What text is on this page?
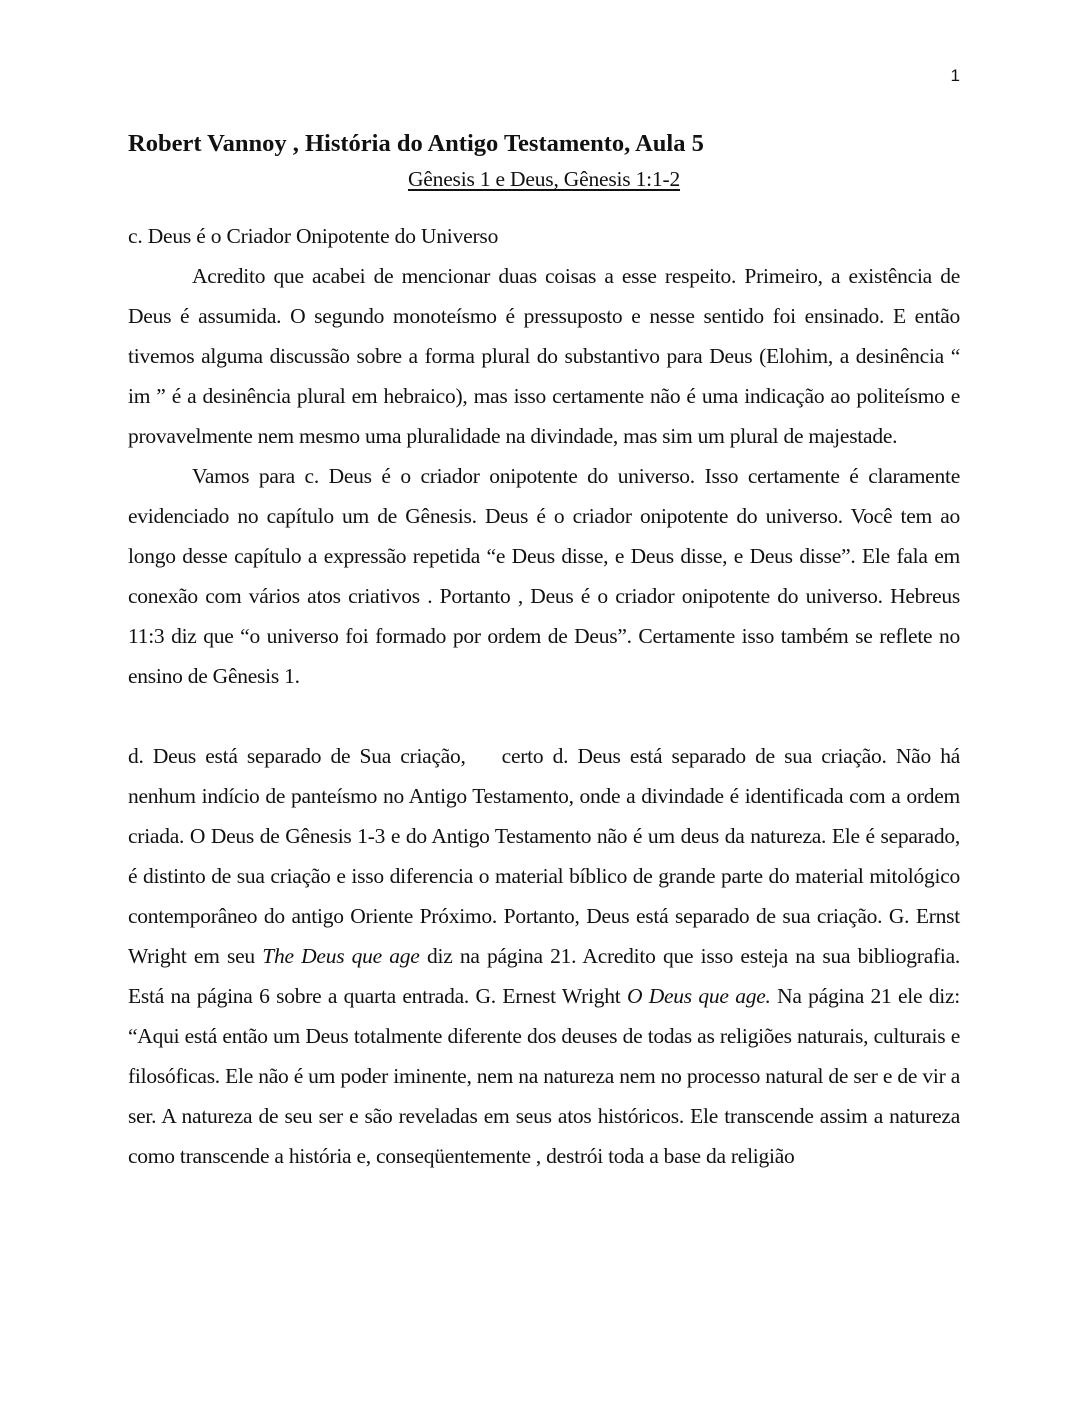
1
Robert Vannoy , História do Antigo Testamento, Aula 5

Gênesis 1 e Deus, Gênesis 1:1-2

c. Deus é o Criador Onipotente do Universo

Acredito que acabei de mencionar duas coisas a esse respeito. Primeiro, a existência de Deus é assumida. O segundo monoteísmo é pressuposto e nesse sentido foi ensinado. E então tivemos alguma discussão sobre a forma plural do substantivo para Deus (Elohim, a desinência “ im ” é a desinência plural em hebraico), mas isso certamente não é uma indicação ao politeísmo e provavelmente nem mesmo uma pluralidade na divindade, mas sim um plural de majestade.

Vamos para c. Deus é o criador onipotente do universo. Isso certamente é claramente evidenciado no capítulo um de Gênesis. Deus é o criador onipotente do universo. Você tem ao longo desse capítulo a expressão repetida “e Deus disse, e Deus disse, e Deus disse”. Ele fala em conexão com vários atos criativos . Portanto , Deus é o criador onipotente do universo. Hebreus 11:3 diz que “o universo foi formado por ordem de Deus”. Certamente isso também se reflete no ensino de Gênesis 1.

d. Deus está separado de Sua criação, certo d. Deus está separado de sua criação. Não há nenhum indício de panteísmo no Antigo Testamento, onde a divindade é identificada com a ordem criada. O Deus de Gênesis 1-3 e do Antigo Testamento não é um deus da natureza. Ele é separado, é distinto de sua criação e isso diferencia o material bíblico de grande parte do material mitológico contemporâneo do antigo Oriente Próximo. Portanto, Deus está separado de sua criação. G. Ernst Wright em seu The Deus que age diz na página 21. Acredito que isso esteja na sua bibliografia. Está na página 6 sobre a quarta entrada. G. Ernest Wright O Deus que age. Na página 21 ele diz: “Aqui está então um Deus totalmente diferente dos deuses de todas as religiões naturais, culturais e filosóficas. Ele não é um poder iminente, nem na natureza nem no processo natural de ser e de vir a ser. A natureza de seu ser e são reveladas em seus atos históricos. Ele transcende assim a natureza como transcende a história e, conseqüentemente , destrói toda a base da religião
